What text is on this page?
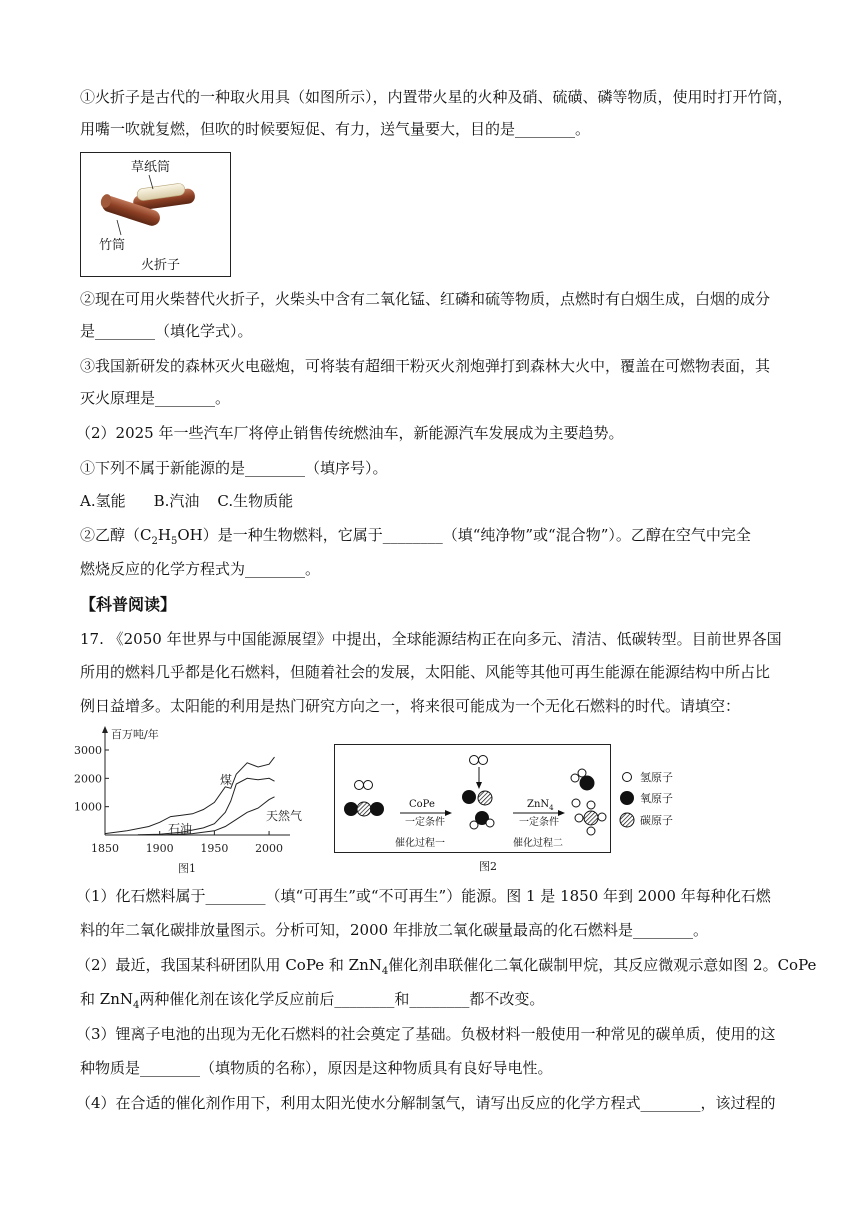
①火折子是古代的一种取火用具（如图所示），内置带火星的火种及硝、硫磺、磷等物质，使用时打开竹筒，
用嘴一吹就复燃，但吹的时候要短促、有力，送气量要大，目的是________。
草纸筒
竹筒
火折子
②现在可用火柴替代火折子，火柴头中含有二氧化锰、红磷和硫等物质，点燃时有白烟生成，白烟的成分
是________（填化学式）。
③我国新研发的森林灭火电磁炮，可将装有超细干粉灭火剂炮弹打到森林大火中，覆盖在可燃物表面，其
灭火原理是________。
（2）2025 年一些汽车厂将停止销售传统燃油车，新能源汽车发展成为主要趋势。
①下列不属于新能源的是________（填序号）。
A.氢能 B.汽油 C.生物质能
②乙醇$(C_2H_5OH)$是一种生物燃料，它属于________（填“纯净物”或“混合物”）。乙醇在空气中完全
燃烧反应的化学方程式为________。
【科普阅读】
17. 《2050 年世界与中国能源展望》中提出，全球能源结构正在向多元、清洁、低碳转型。目前世界各国
所用的燃料几乎都是化石燃料，但随着社会的发展，太阳能、风能等其他可再生能源在能源结构中所占比
例日益增多。太阳能的利用是热门研究方向之一，将来很可能成为一个无化石燃料的时代。请填空：
百万吨/年
1000
2000
3000
1850 1900 1950 2000
煤
石油
天然气
图1
CoPe
一定条件
ZnN$_4$
一定条件
催化过程一	催化过程二
氢原子
氧原子
碳原子
图2
（1）化石燃料属于________（填“可再生”或“不可再生”）能源。图 1 是 1850 年到 2000 年每种化石燃
料的年二氧化碳排放量图示。分析可知，2000 年排放二氧化碳量最高的化石燃料是________。
（2）最近，我国某科研团队用 CoPe 和 ZnN$_4$催化剂串联催化二氧化碳制甲烷，其反应微观示意如图 2。CoPe
和 ZnN$_4$两种催化剂在该化学反应前后________和________都不改变。
（3）锂离子电池的出现为无化石燃料的社会奠定了基础。负极材料一般使用一种常见的碳单质，使用的这
种物质是________（填物质的名称），原因是这种物质具有良好导电性。
（4）在合适的催化剂作用下，利用太阳光使水分解制氢气，请写出反应的化学方程式________，该过程的
